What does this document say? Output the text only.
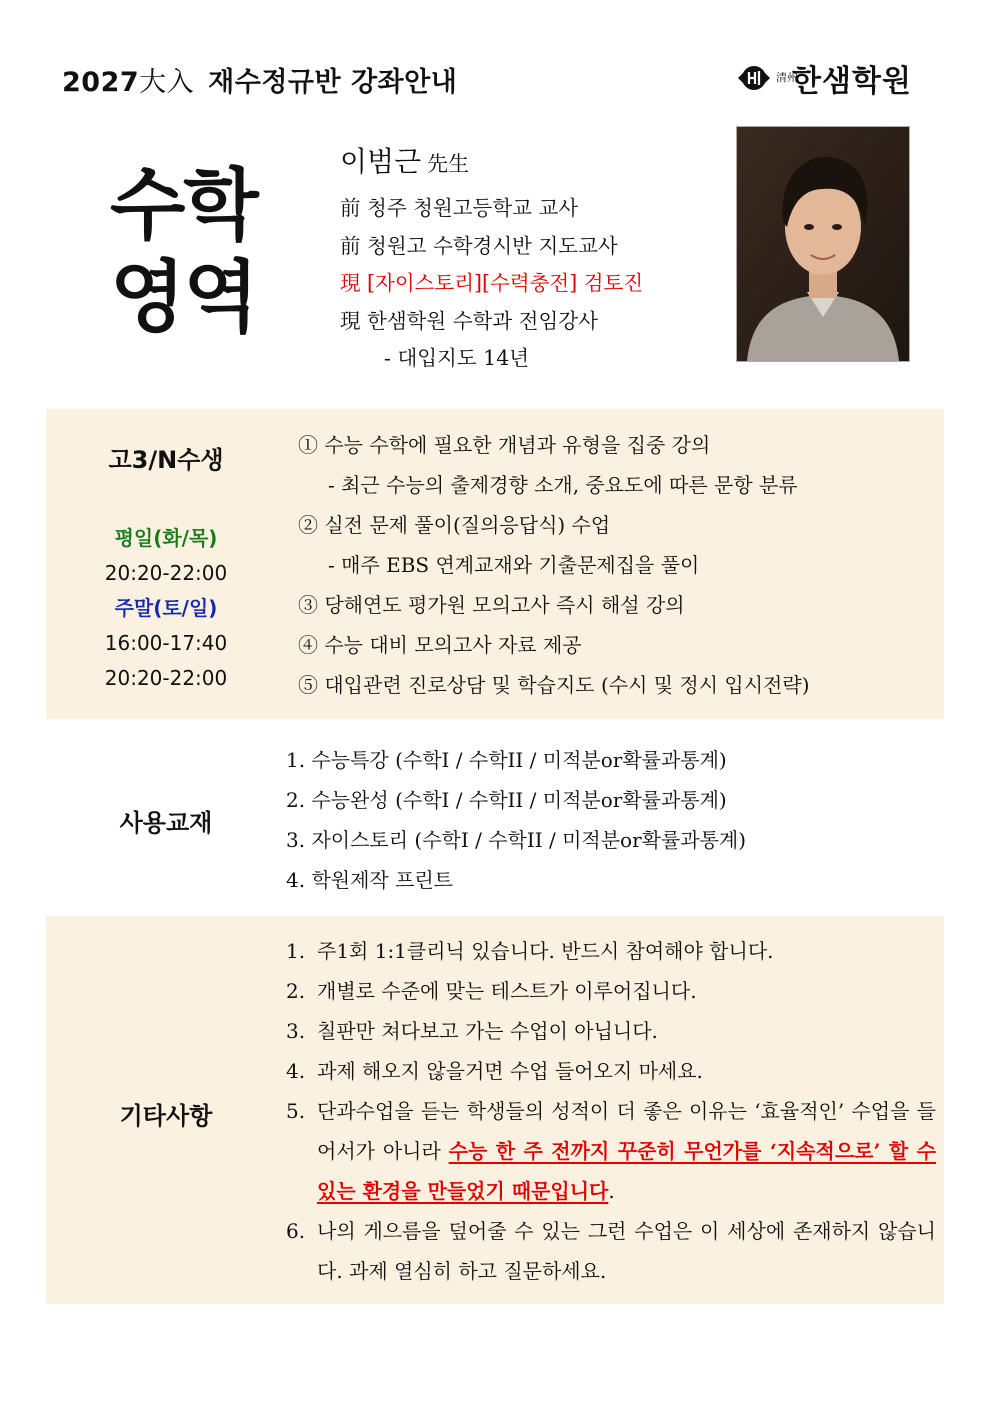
2027大入 재수정규반 강좌안내	清州
한샘학원
수학
영역
이범근 先生
前 청주 청원고등학교 교사
前 청원고 수학경시반 지도교사
現 [자이스토리][수력충전] 검토진
現 한샘학원 수학과 전임강사
- 대입지도 14년
고3/N수생
평일(화/목)
20:20-22:00
주말(토/일)
16:00-17:40
20:20-22:00
① 수능 수학에 필요한 개념과 유형을 집중 강의
- 최근 수능의 출제경향 소개, 중요도에 따른 문항 분류
② 실전 문제 풀이(질의응답식) 수업
- 매주 EBS 연계교재와 기출문제집을 풀이
③ 당해연도 평가원 모의고사 즉시 해설 강의
④ 수능 대비 모의고사 자료 제공
⑤ 대입관련 진로상담 및 학습지도 (수시 및 정시 입시전략)
사용교재
1. 수능특강 (수학I / 수학II / 미적분or확률과통계)
2. 수능완성 (수학I / 수학II / 미적분or확률과통계)
3. 자이스토리 (수학I / 수학II / 미적분or확률과통계)
4. 학원제작 프린트
기타사항
1. 주1회 1:1클리닉 있습니다. 반드시 참여해야 합니다.
2. 개별로 수준에 맞는 테스트가 이루어집니다.
3. 칠판만 쳐다보고 가는 수업이 아닙니다.
4. 과제 해오지 않을거면 수업 들어오지 마세요.
5. 단과수업을 듣는 학생들의 성적이 더 좋은 이유는 ‘효율적인’ 수업을 들어서가 아니라 수능 한 주 전까지 꾸준히 무언가를 ‘지속적으로’ 할 수 있는 환경을 만들었기 때문입니다.
6. 나의 게으름을 덮어줄 수 있는 그런 수업은 이 세상에 존재하지 않습니다. 과제 열심히 하고 질문하세요.
